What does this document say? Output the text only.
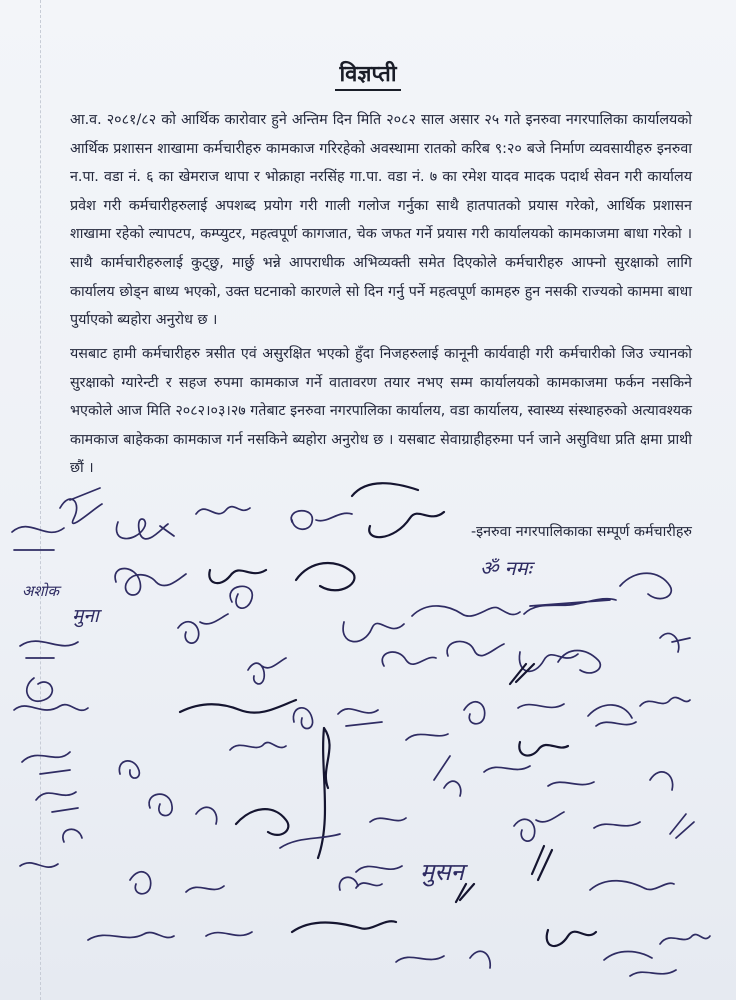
विज्ञप्ती
आ.व. २०८१/८२ को आर्थिक कारोवार हुने अन्तिम दिन मिति २०८२ साल असार २५ गते इनरुवा नगरपालिका कार्यालयको आर्थिक प्रशासन शाखामा कर्मचारीहरु कामकाज गरिरहेको अवस्थामा रातको करिब ९:२० बजे निर्माण व्यवसायीहरु इनरुवा न.पा. वडा नं. ६ का खेमराज थापा र भोक्राहा नरसिंह गा.पा. वडा नं. ७ का रमेश यादव मादक पदार्थ सेवन गरी कार्यालय प्रवेश गरी कर्मचारीहरुलाई अपशब्द प्रयोग गरी गाली गलोज गर्नुका साथै हातपातको प्रयास गरेको, आर्थिक प्रशासन शाखामा रहेको ल्यापटप, कम्प्युटर, महत्वपूर्ण कागजात, चेक जफत गर्ने प्रयास गरी कार्यालयको कामकाजमा बाधा गरेको । साथै कार्मचारीहरुलाई कुट्छु, मार्छु भन्ने आपराधीक अभिव्यक्ती समेत दिएकोले कर्मचारीहरु आफ्नो सुरक्षाको लागि कार्यालय छोड्न बाध्य भएको, उक्त घटनाको कारणले सो दिन गर्नु पर्ने महत्वपूर्ण कामहरु हुन नसकी राज्यको काममा बाधा पुर्याएको ब्यहोरा अनुरोध छ ।
यसबाट हामी कर्मचारीहरु त्रसीत एवं असुरक्षित भएको हुँदा निजहरुलाई कानूनी कार्यवाही गरी कर्मचारीको जिउ ज्यानको सुरक्षाको ग्यारेन्टी र सहज रुपमा कामकाज गर्ने वातावरण तयार नभए सम्म कार्यालयको कामकाजमा फर्कन नसकिने भएकोले आज मिति २०८२।०३।२७ गतेबाट इनरुवा नगरपालिका कार्यालय, वडा कार्यालय, स्वास्थ्य संस्थाहरुको अत्यावश्यक कामकाज बाहेकका कामकाज गर्न नसकिने ब्यहोरा अनुरोध छ । यसबाट सेवाग्राहीहरुमा पर्न जाने असुविधा प्रति क्षमा प्राथी छौं ।
-इनरुवा नगरपालिकाका सम्पूर्ण कर्मचारीहरु
मुना
अशोक
ॐ नमः
मुसन
